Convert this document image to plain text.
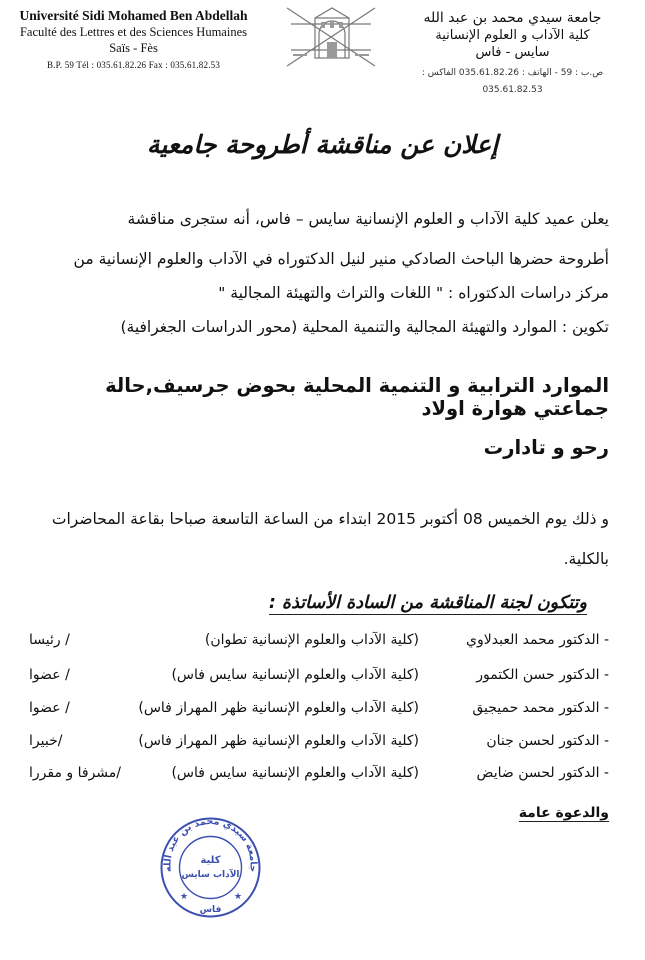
Université Sidi Mohamed Ben Abdellah
Faculté des Lettres et des Sciences Humaines
Saïs - Fès
B.P. 59 Tél : 035.61.82.26 Fax : 035.61.82.53
جامعة سيدي محمد بن عبد الله
كلية الآداب و العلوم الإنسانية
سايس - فاس
ص.ب : 59 - الهاتف : 035.61.82.26 الفاكس : 035.61.82.53
إعلان عن مناقشة أطروحة جامعية
يعلن عميد كلية الآداب و العلوم الإنسانية سايس – فاس، أنه ستجرى مناقشة
أطروحة حضرها الباحث الصادكي منير لنيل الدكتوراه في الآداب والعلوم الإنسانية من
مركز دراسات الدكتوراه : " اللغات والتراث والتهيئة المجالية "
تكوين : الموارد والتهيئة المجالية والتنمية المحلية (محور الدراسات الجغرافية)
الموارد الترابية و التنمية المحلية بحوض جرسيف,حالة جماعتي هوارة اولاد
رحو و تادارت
و ذلك يوم الخميس 08 أكتوبر 2015 ابتداء من الساعة التاسعة صباحا بقاعة المحاضرات
بالكلية.
وتتكون لجنة المناقشة من السادة الأساتذة :
- الدكتور محمد العبدلاوي
(كلية الآداب والعلوم الإنسانية تطوان)
/ رئيسا
- الدكتور حسن الكتمور
(كلية الآداب والعلوم الإنسانية سايس فاس)
/ عضوا
- الدكتور محمد حميجيق
(كلية الآداب والعلوم الإنسانية ظهر المهراز فاس)
/ عضوا
- الدكتور لحسن جنان
(كلية الآداب والعلوم الإنسانية ظهر المهراز فاس)
/خبيرا
- الدكتور لحسن ضايض
(كلية الآداب والعلوم الإنسانية سايس فاس)
/مشرفا و مقررا
والدعوة عامة
جامعة سيدي محمد بن عبد الله
كلية
الآداب سايس
فاس
★	★
